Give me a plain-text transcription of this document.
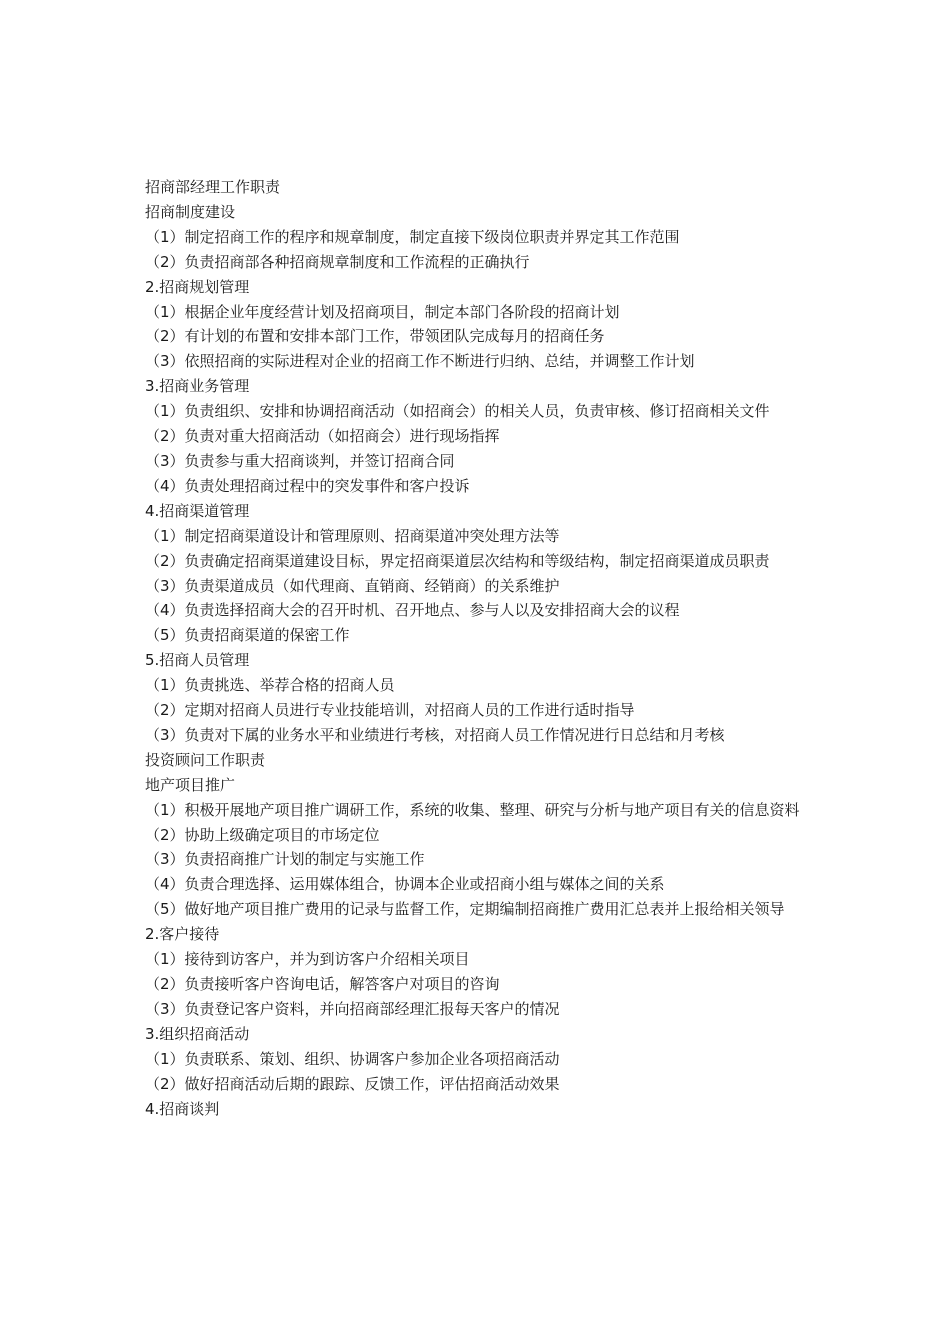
招商部经理工作职责

招商制度建设

（1）制定招商工作的程序和规章制度，制定直接下级岗位职责并界定其工作范围

（2）负责招商部各种招商规章制度和工作流程的正确执行

2.招商规划管理

（1）根据企业年度经营计划及招商项目，制定本部门各阶段的招商计划

（2）有计划的布置和安排本部门工作，带领团队完成每月的招商任务

（3）依照招商的实际进程对企业的招商工作不断进行归纳、总结，并调整工作计划

3.招商业务管理

（1）负责组织、安排和协调招商活动（如招商会）的相关人员，负责审核、修订招商相关文件

（2）负责对重大招商活动（如招商会）进行现场指挥

（3）负责参与重大招商谈判，并签订招商合同

（4）负责处理招商过程中的突发事件和客户投诉

4.招商渠道管理

（1）制定招商渠道设计和管理原则、招商渠道冲突处理方法等

（2）负责确定招商渠道建设目标，界定招商渠道层次结构和等级结构，制定招商渠道成员职责

（3）负责渠道成员（如代理商、直销商、经销商）的关系维护

（4）负责选择招商大会的召开时机、召开地点、参与人以及安排招商大会的议程

（5）负责招商渠道的保密工作

5.招商人员管理

（1）负责挑选、举荐合格的招商人员

（2）定期对招商人员进行专业技能培训，对招商人员的工作进行适时指导

（3）负责对下属的业务水平和业绩进行考核，对招商人员工作情况进行日总结和月考核

投资顾问工作职责

地产项目推广

（1）积极开展地产项目推广调研工作，系统的收集、整理、研究与分析与地产项目有关的信息资料

（2）协助上级确定项目的市场定位

（3）负责招商推广计划的制定与实施工作

（4）负责合理选择、运用媒体组合，协调本企业或招商小组与媒体之间的关系

（5）做好地产项目推广费用的记录与监督工作，定期编制招商推广费用汇总表并上报给相关领导

2.客户接待

（1）接待到访客户，并为到访客户介绍相关项目

（2）负责接听客户咨询电话，解答客户对项目的咨询

（3）负责登记客户资料，并向招商部经理汇报每天客户的情况

3.组织招商活动

（1）负责联系、策划、组织、协调客户参加企业各项招商活动

（2）做好招商活动后期的跟踪、反馈工作，评估招商活动效果

4.招商谈判
